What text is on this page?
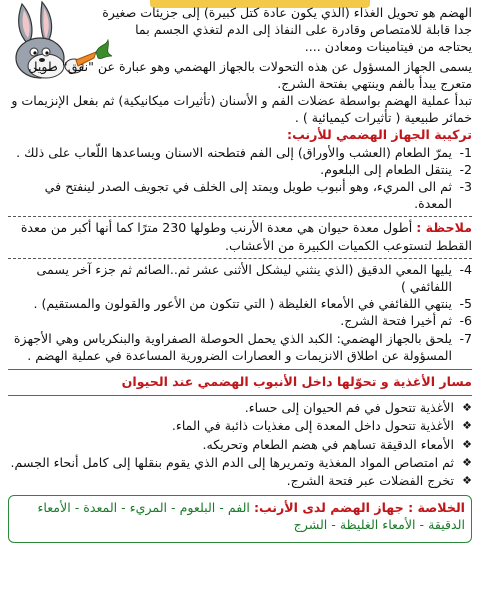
الهضم هو تحويل الغذاء (الذي يكون عادة كتل كبيرة) إلى جزيئات صغيرة جدا قابلة للامتصاص وقادرة على النفاذ إلى الدم لتغذي الجسم بما يحتاجه من فيتامينات ومعادن ....

يسمى الجهاز المسؤول عن هذه التحولات بالجهاز الهضمي وهو عبارة عن "نفق" طويل متعرج يبدأ بالفم وينتهي بفتحة الشرج.

تبدأ عملية الهضم بواسطة عضلات الفم و الأسنان (تأثيرات ميكانيكية) ثم بفعل الإنزيمات و خمائر طبيعية ( تأثيرات كيميائية ) .

تركيبة الجهاز الهضمي للأرنب:
1-
يمرّ الطعام (العشب والأوراق) إلى الفم فتطحنه الاسنان ويساعدها اللّعاب على ذلك .
2-
ينتقل الطعام إلى البلعوم.
3-
ثم الى المريء، وهو أنبوب طويل ويمتد إلى الخلف في تجويف الصدر لينفتح في المعدة.

ملاحظة : أطول معدة حيوان هي معدة الأرنب وطولها 230 مترًا كما أنها أكبر من معدة القطط لتستوعب الكميات الكبيرة من الأعشاب.

4-
يليها المعي الدقيق (الذي ينثني ليشكل الأثنى عشر ثم..الصائم ثم جزء آخر يسمى اللفائفي )
5-
ينتهي اللفائفي في الأمعاء الغليظة ( التي تتكون من الأعور والقولون والمستقيم) .
6-
ثم أخيرا فتحة الشرج.
7-
يلحق بالجهاز الهضمي: الكبد الذي يحمل الحوصلة الصفراوية والبنكرياس وهي الأجهزة المسؤولة عن اطلاق الانزيمات و العصارات الضرورية المساعدة في عملية الهضم .
مسار الأغذية و تحوّلها داخل الأنبوب الهضمي عند الحيوان
❖
الأغذية تتحول في فم الحيوان إلى حساء.
❖
الأغذية تتحول داخل المعدة إلى مغذيات ذائبة في الماء.
❖
الأمعاء الدقيقة تساهم في هضم الطعام وتحريكه.
❖
ثم امتصاص المواد المغذية وتمريرها إلى الدم الذي يقوم بنقلها إلى كامل أنحاء الجسم.
❖
تخرج الفضلات عبر فتحة الشرج.
الخلاصة : جهاز الهضم لدى الأرنب: الفم - البلعوم - المريء - المعدة - الأمعاء
الدقيقة - الأمعاء الغليظة - الشرج
